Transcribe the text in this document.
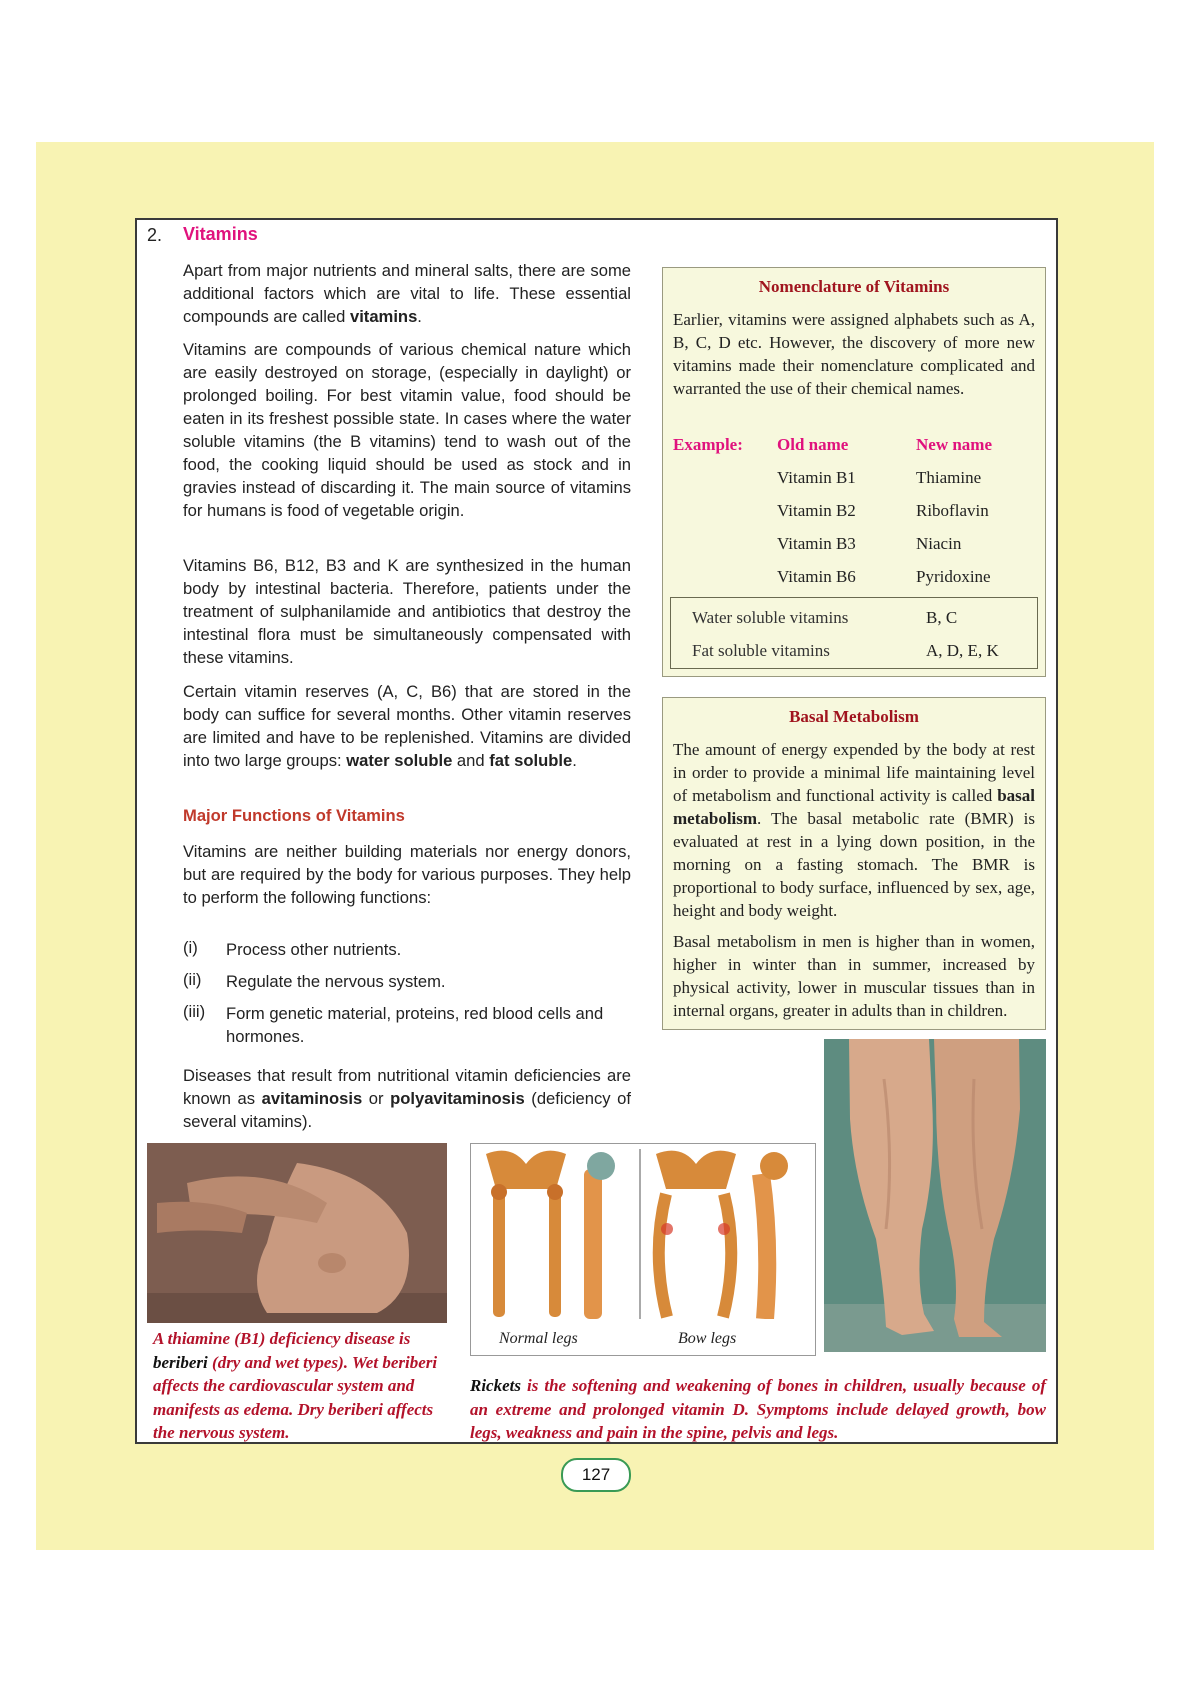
2. Vitamins
Apart from major nutrients and mineral salts, there are some additional factors which are vital to life. These essential compounds are called vitamins.
Vitamins are compounds of various chemical nature which are easily destroyed on storage, (especially in daylight) or prolonged boiling. For best vitamin value, food should be eaten in its freshest possible state. In cases where the water soluble vitamins (the B vitamins) tend to wash out of the food, the cooking liquid should be used as stock and in gravies instead of discarding it. The main source of vitamins for humans is food of vegetable origin.
Vitamins B6, B12, B3 and K are synthesized in the human body by intestinal bacteria. Therefore, patients under the treatment of sulphanilamide and antibiotics that destroy the intestinal flora must be simultaneously compensated with these vitamins.
Certain vitamin reserves (A, C, B6) that are stored in the body can suffice for several months. Other vitamin reserves are limited and have to be replenished. Vitamins are divided into two large groups: water soluble and fat soluble.
Major Functions of Vitamins
Vitamins are neither building materials nor energy donors, but are required by the body for various purposes. They help to perform the following functions:
(i) Process other nutrients.
(ii) Regulate the nervous system.
(iii) Form genetic material, proteins, red blood cells and hormones.
Diseases that result from nutritional vitamin deficiencies are known as avitaminosis or polyavitaminosis (deficiency of several vitamins).
Nomenclature of Vitamins
Earlier, vitamins were assigned alphabets such as A, B, C, D etc. However, the discovery of more new vitamins made their nomenclature complicated and warranted the use of their chemical names.
Example: Old name	New name
Vitamin B1	Thiamine
Vitamin B2	Riboflavin
Vitamin B3	Niacin
Vitamin B6	Pyridoxine
Water soluble vitamins	B, C
Fat soluble vitamins	A, D, E, K
Basal Metabolism
The amount of energy expended by the body at rest in order to provide a minimal life maintaining level of metabolism and functional activity is called basal metabolism. The basal metabolic rate (BMR) is evaluated at rest in a lying down position, in the morning on a fasting stomach. The BMR is proportional to body surface, influenced by sex, age, height and body weight.
Basal metabolism in men is higher than in women, higher in winter than in summer, increased by physical activity, lower in muscular tissues than in internal organs, greater in adults than in children.
Normal legs	Bow legs
A thiamine (B1) deficiency disease is beriberi (dry and wet types). Wet beriberi affects the cardiovascular system and manifests as edema. Dry beriberi affects the nervous system.
Rickets is the softening and weakening of bones in children, usually because of an extreme and prolonged vitamin D. Symptoms include delayed growth, bow legs, weakness and pain in the spine, pelvis and legs.
127
